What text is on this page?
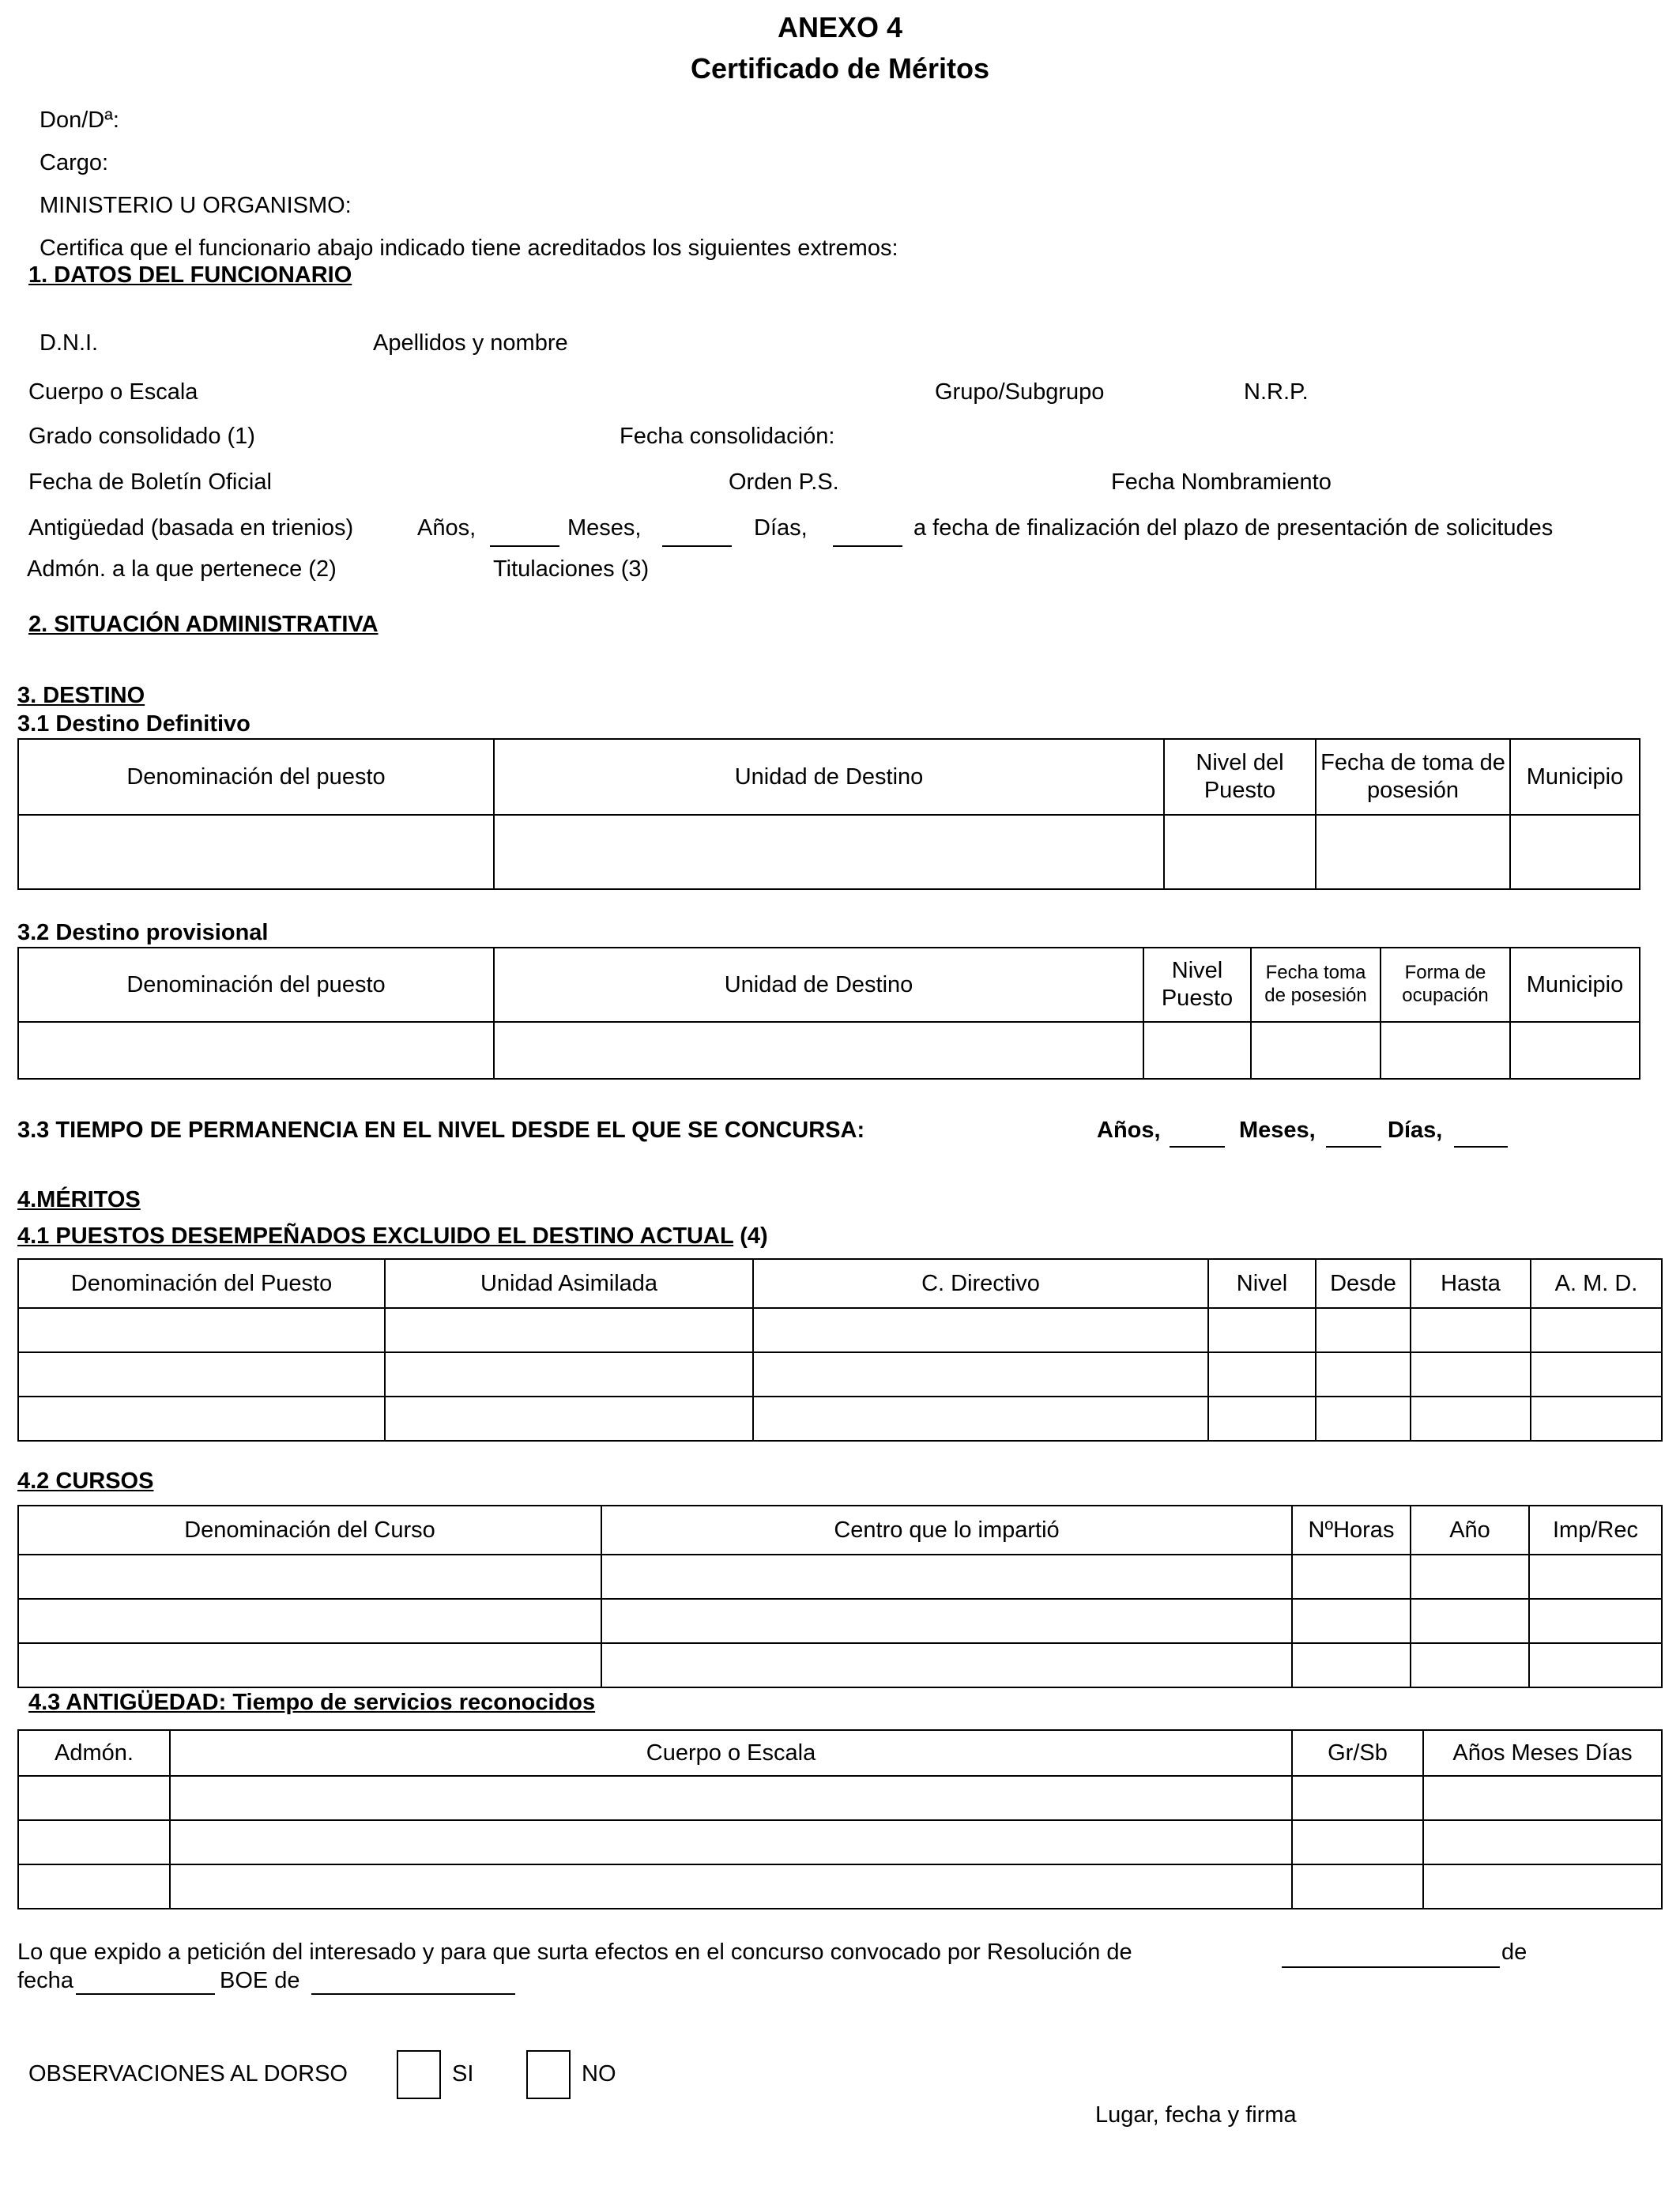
ANEXO 4
Certificado de Méritos
Don/Dª:
Cargo:
MINISTERIO U ORGANISMO:
Certifica que el funcionario abajo indicado tiene acreditados los siguientes extremos:
1. DATOS DEL FUNCIONARIO
D.N.I.	Apellidos y nombre
Cuerpo o Escala	Grupo/Subgrupo	N.R.P.
Grado consolidado (1)	Fecha consolidación:
Fecha de Boletín Oficial	Orden P.S.	Fecha Nombramiento
Antigüedad (basada en trienios)	Años,	Meses,	Días,	a fecha de finalización del plazo de presentación de solicitudes
Admón. a la que pertenece (2)	Titulaciones (3)
2. SITUACIÓN ADMINISTRATIVA
3. DESTINO
3.1 Destino Definitivo
Denominación del puesto	Unidad de Destino	Nivel del Puesto	Fecha de toma de posesión	Municipio

3.2 Destino provisional
Denominación del puesto	Unidad de Destino	Nivel Puesto	Fecha toma de posesión	Forma de ocupación	Municipio

3.3 TIEMPO DE PERMANENCIA EN EL NIVEL DESDE EL QUE SE CONCURSA:	Años,	Meses,	Días,
4.MÉRITOS
4.1 PUESTOS DESEMPEÑADOS EXCLUIDO EL DESTINO ACTUAL (4)
Denominación del Puesto	Unidad Asimilada	C. Directivo	Nivel	Desde	Hasta	A. M. D.

4.2 CURSOS
Denominación del Curso	Centro que lo impartió	NºHoras	Año	Imp/Rec

4.3 ANTIGÜEDAD: Tiempo de servicios reconocidos
Admón.	Cuerpo o Escala	Gr/Sb	Años Meses Días

Lo que expido a petición del interesado y para que surta efectos en el concurso convocado por Resolución de	de
fecha	BOE de
OBSERVACIONES AL DORSO	SI	NO
Lugar, fecha y firma
